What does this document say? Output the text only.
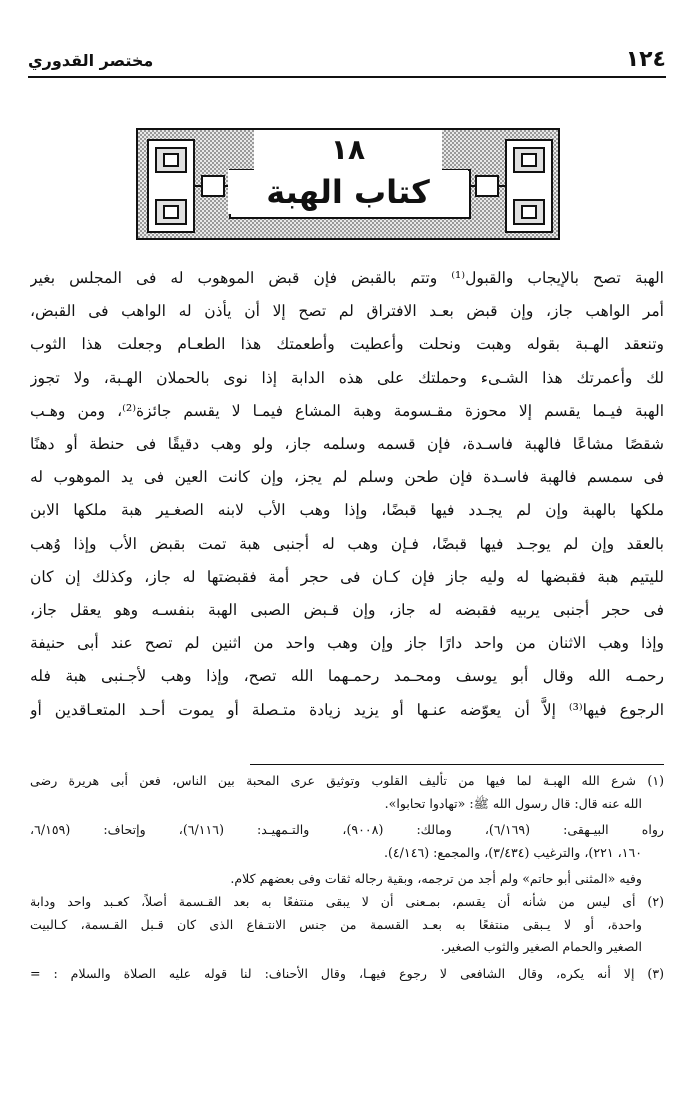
١٢٤
مختصر القدوري
١٨
كتاب الهبة
الهبة تصح بالإيجاب والقبول⁽¹⁾ وتتم بالقبض فإن قبض الموهوب له فى المجلس بغير
أمر الواهب جاز، وإن قبض بعـد الافتراق لم تصح إلا أن يأذن له الواهب فى القبض،
وتنعقد الهـبة بقوله وهبت ونحلت وأعطيت وأطعمتك هذا الطعـام وجعلت هذا الثوب
لك وأعمرتك هذا الشـىء وحملتك على هذه الدابة إذا نوى بالحملان الهـبة، ولا تجوز
الهبة فيـما يقسم إلا محوزة مقـسومة وهبة المشاع فيمـا لا يقسم جائزة⁽²⁾، ومن وهـب
شقصًا مشاعًا فالهبة فاسـدة، فإن قسمه وسلمه جاز، ولو وهب دقيقًا فى حنطة أو دهنًا
فى سمسم فالهبة فاسـدة فإن طحن وسلم لم يجز، وإن كانت العين فى يد الموهوب له
ملكها بالهبة وإن لم يجـدد فيها قبضًا، وإذا وهب الأب لابنه الصغـير هبة ملكها الابن
بالعقد وإن لم يوجـد فيها قبضًا، فـإن وهب له أجنبى هبة تمت بقبض الأب وإذا وُهب
لليتيم هبة فقبضها له وليه جاز فإن كـان فى حجر أمة فقبضتها له جاز، وكذلك إن كان
فى حجر أجنبى يربيه فقبضه له جاز، وإن قـبض الصبى الهبة بنفسـه وهو يعقل جاز،
وإذا وهب الاثنان من واحد دارًا جاز وإن وهب واحد من اثنين لم تصح عند أبى حنيفة
رحمـه الله وقال أبو يوسف ومحـمد رحمـهما الله تصح، وإذا وهب لأجـنبى هبة فله
الرجوع فيها⁽³⁾ إلاَّ أن يعوّضه عنـها أو يزيد زيادة متـصلة أو يموت أحـد المتعـاقدين أو
(١) شرع الله الهبـة لما فيها من تأليف القلوب وتوثيق عرى المحبة بين الناس، فعن أبى هريرة رضى
الله عنه قال: قال رسول الله ﷺ: «تهادوا تحابوا».
رواه البيـهقى: (٦/١٦٩)، ومالك: (٩٠٠٨)، والتـمهيـد: (٦/١١٦)، وإتحاف: (٦/١٥٩،
١٦٠، ٢٢١)، والترغيب (٣/٤٣٤)، والمجمع: (٤/١٤٦).
وفيه «المثنى أبو حاتم» ولم أجد من ترجمه، وبقية رجاله ثقات وفى بعضهم كلام.
(٢) أى ليس من شأنه أن يقسم، بمـعنى أن لا يبقى منتفعًا به بعد القـسمة أصلاً، كعـبد واحد ودابة
واحدة، أو لا يـبقى منتفعًا به بعـد القسمة من جنس الانتـفاع الذى كان قـبل القـسمة، كـالبيت
الصغير والحمام الصغير والثوب الصغير.
(٣) إلا أنه يكره، وقال الشافعى لا رجوع فيهـا، وقال الأحناف: لنا قوله عليه الصلاة والسلام : =
